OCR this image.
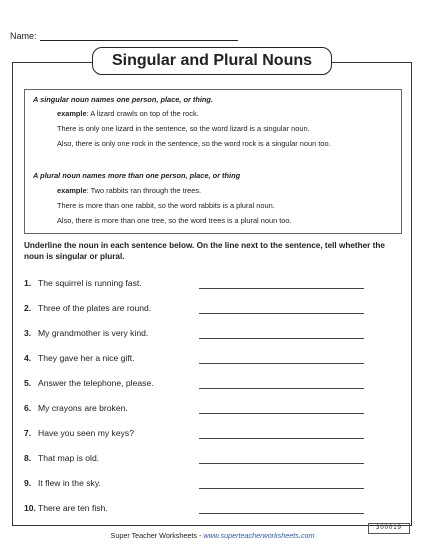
Name:
Singular and Plural Nouns
A singular noun names one person, place, or thing.
example: A lizard crawls on top of the rock.
There is only one lizard in the sentence, so the word lizard is a singular noun.
Also, there is only one rock in the sentence, so the word rock is a singular noun too.
A plural noun names more than one person, place, or thing
example: Two rabbits ran through the trees.
There is more than one rabbit, so the word rabbits is a plural noun.
Also, there is more than one tree, so the word trees is a plural noun too.
Underline the noun in each sentence below. On the line next to the sentence, tell whether the noun is singular or plural.
1. The squirrel is running fast.
2. Three of the plates are round.
3. My grandmother is very kind.
4. They gave her a nice gift.
5. Answer the telephone, please.
6. My crayons are broken.
7. Have you seen my keys?
8. That map is old.
9. It flew in the sky.
10. There are ten fish.
Super Teacher Worksheets - www.superteacherworksheets.com
300019
